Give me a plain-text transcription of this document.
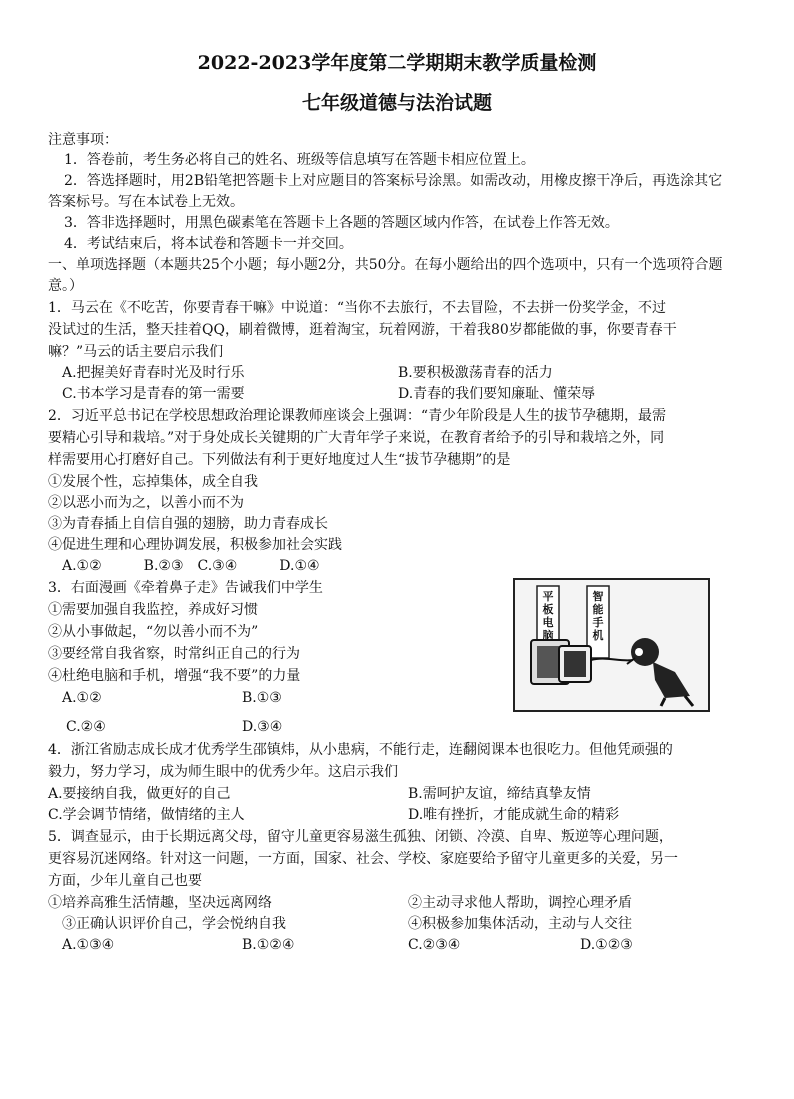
2022-2023学年度第二学期期末教学质量检测
七年级道德与法治试题
注意事项：
1．答卷前，考生务必将自己的姓名、班级等信息填写在答题卡相应位置上。
2．答选择题时，用2B铅笔把答题卡上对应题目的答案标号涂黑。如需改动，用橡皮擦干净后，再选涂其它
答案标号。写在本试卷上无效。
3．答非选择题时，用黑色碳素笔在答题卡上各题的答题区域内作答，在试卷上作答无效。
4．考试结束后，将本试卷和答题卡一并交回。
一、单项选择题（本题共25个小题；每小题2分，共50分。在每小题给出的四个选项中，只有一个选项符合题
意。）
1．马云在《不吃苦，你要青春干嘛》中说道：“当你不去旅行，不去冒险，不去拼一份奖学金，不过
没试过的生活，整天挂着QQ，刷着微博，逛着淘宝，玩着网游，干着我80岁都能做的事，你要青春干
嘛？”马云的话主要启示我们
A.把握美好青春时光及时行乐	B.要积极激荡青春的活力
C.书本学习是青春的第一需要	D.青春的我们要知廉耻、懂荣辱
2．习近平总书记在学校思想政治理论课教师座谈会上强调：“青少年阶段是人生的拔节孕穗期，最需
要精心引导和栽培。”对于身处成长关键期的广大青年学子来说，在教育者给予的引导和栽培之外，同
样需要用心打磨好自己。下列做法有利于更好地度过人生“拔节孕穗期”的是
①发展个性，忘掉集体，成全自我
②以恶小而为之，以善小而不为
③为青春插上自信自强的翅膀，助力青春成长
④促进生理和心理协调发展，积极参加社会实践
A.①②　　　B.②③　C.③④　　　D.①④
3．右面漫画《牵着鼻子走》告诫我们中学生
①需要加强自我监控，养成好习惯
②从小事做起，“勿以善小而不为”
③要经常自我省察，时常纠正自己的行为
④杜绝电脑和手机，增强“我不要”的力量
A.①②	B.①③
C.②④	D.③④
平板电脑
智能手机
4．浙江省励志成长成才优秀学生邵镇炜，从小患病，不能行走，连翻阅课本也很吃力。但他凭顽强的
毅力，努力学习，成为师生眼中的优秀少年。这启示我们
A.要接纳自我，做更好的自己	B.需呵护友谊，缔结真挚友情
C.学会调节情绪，做情绪的主人	D.唯有挫折，才能成就生命的精彩
5．调查显示，由于长期远离父母，留守儿童更容易滋生孤独、闭锁、冷漠、自卑、叛逆等心理问题，
更容易沉迷网络。针对这一问题，一方面，国家、社会、学校、家庭要给予留守儿童更多的关爱，另一
方面，少年儿童自己也要
①培养高雅生活情趣，坚决远离网络	②主动寻求他人帮助，调控心理矛盾
③正确认识评价自己，学会悦纳自我	④积极参加集体活动，主动与人交往
A.①③④	B.①②④	C.②③④	D.①②③
